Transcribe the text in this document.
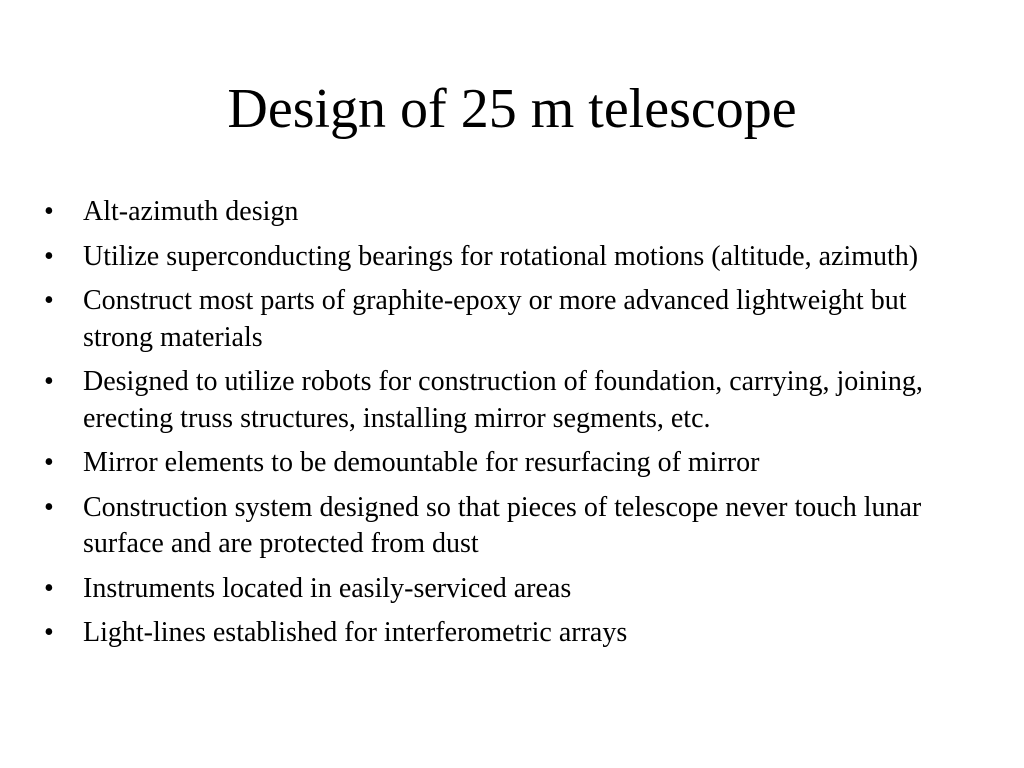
Design of 25 m telescope
•	Alt-azimuth design
•	Utilize superconducting bearings for rotational motions (altitude, azimuth)
•	Construct most parts of graphite-epoxy or more advanced lightweight but strong materials
•	Designed to utilize robots for construction of foundation, carrying, joining, erecting truss structures, installing mirror segments, etc.
•	Mirror elements to be demountable for resurfacing of mirror
•	Construction system designed so that pieces of telescope never touch lunar surface and are protected from dust
•	Instruments located in easily-serviced areas
•	Light-lines established for interferometric arrays
